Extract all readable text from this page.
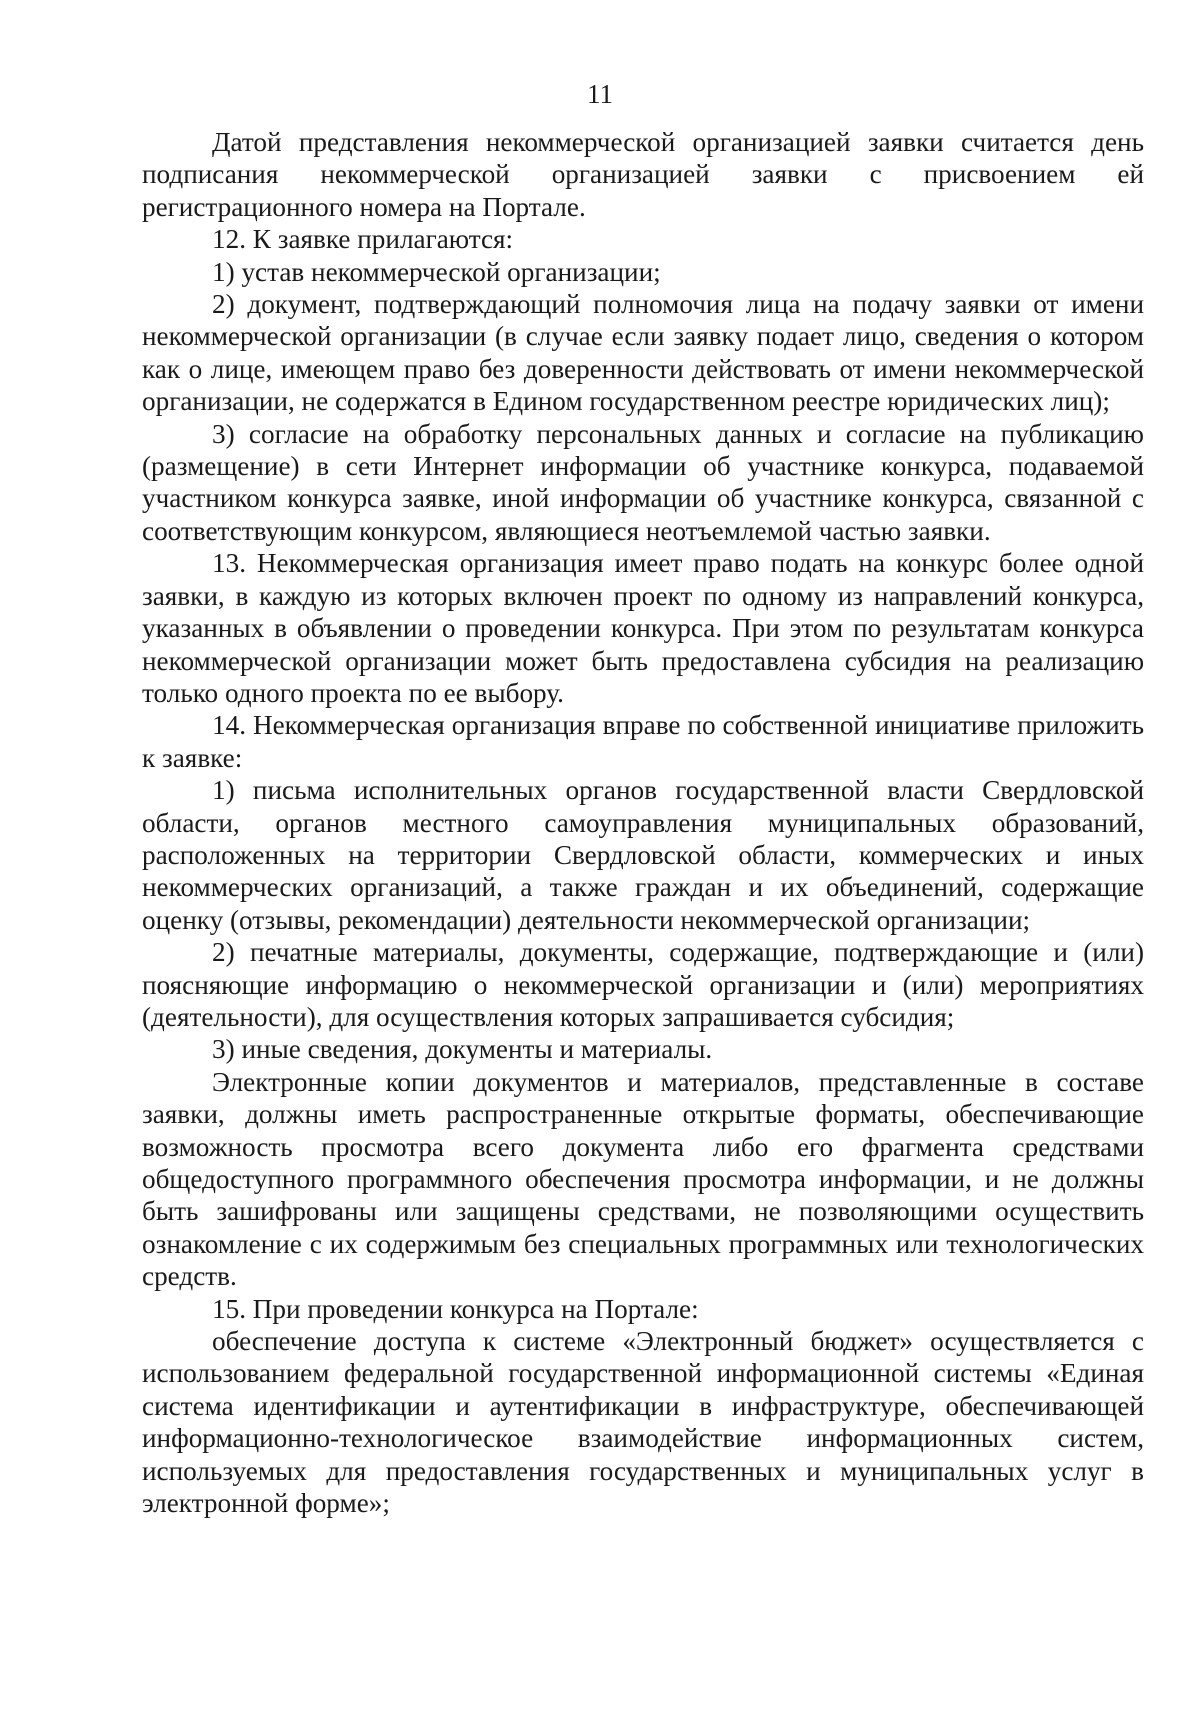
11

Датой представления некоммерческой организацией заявки считается день подписания некоммерческой организацией заявки с присвоением ей регистрационного номера на Портале.

12. К заявке прилагаются:

1) устав некоммерческой организации;

2) документ, подтверждающий полномочия лица на подачу заявки от имени некоммерческой организации (в случае если заявку подает лицо, сведения о котором как о лице, имеющем право без доверенности действовать от имени некоммерческой организации, не содержатся в Едином государственном реестре юридических лиц);

3) согласие на обработку персональных данных и согласие на публикацию (размещение) в сети Интернет информации об участнике конкурса, подаваемой участником конкурса заявке, иной информации об участнике конкурса, связанной с соответствующим конкурсом, являющиеся неотъемлемой частью заявки.

13. Некоммерческая организация имеет право подать на конкурс более одной заявки, в каждую из которых включен проект по одному из направлений конкурса, указанных в объявлении о проведении конкурса. При этом по результатам конкурса некоммерческой организации может быть предоставлена субсидия на реализацию только одного проекта по ее выбору.

14. Некоммерческая организация вправе по собственной инициативе приложить к заявке:

1) письма исполнительных органов государственной власти Свердловской области, органов местного самоуправления муниципальных образований, расположенных на территории Свердловской области, коммерческих и иных некоммерческих организаций, а также граждан и их объединений, содержащие оценку (отзывы, рекомендации) деятельности некоммерческой организации;

2) печатные материалы, документы, содержащие, подтверждающие и (или) поясняющие информацию о некоммерческой организации и (или) мероприятиях (деятельности), для осуществления которых запрашивается субсидия;

3) иные сведения, документы и материалы.

Электронные копии документов и материалов, представленные в составе заявки, должны иметь распространенные открытые форматы, обеспечивающие возможность просмотра всего документа либо его фрагмента средствами общедоступного программного обеспечения просмотра информации, и не должны быть зашифрованы или защищены средствами, не позволяющими осуществить ознакомление с их содержимым без специальных программных или технологических средств.

15. При проведении конкурса на Портале:

обеспечение доступа к системе «Электронный бюджет» осуществляется с использованием федеральной государственной информационной системы «Единая система идентификации и аутентификации в инфраструктуре, обеспечивающей информационно-технологическое взаимодействие информационных систем, используемых для предоставления государственных и муниципальных услуг в электронной форме»;
